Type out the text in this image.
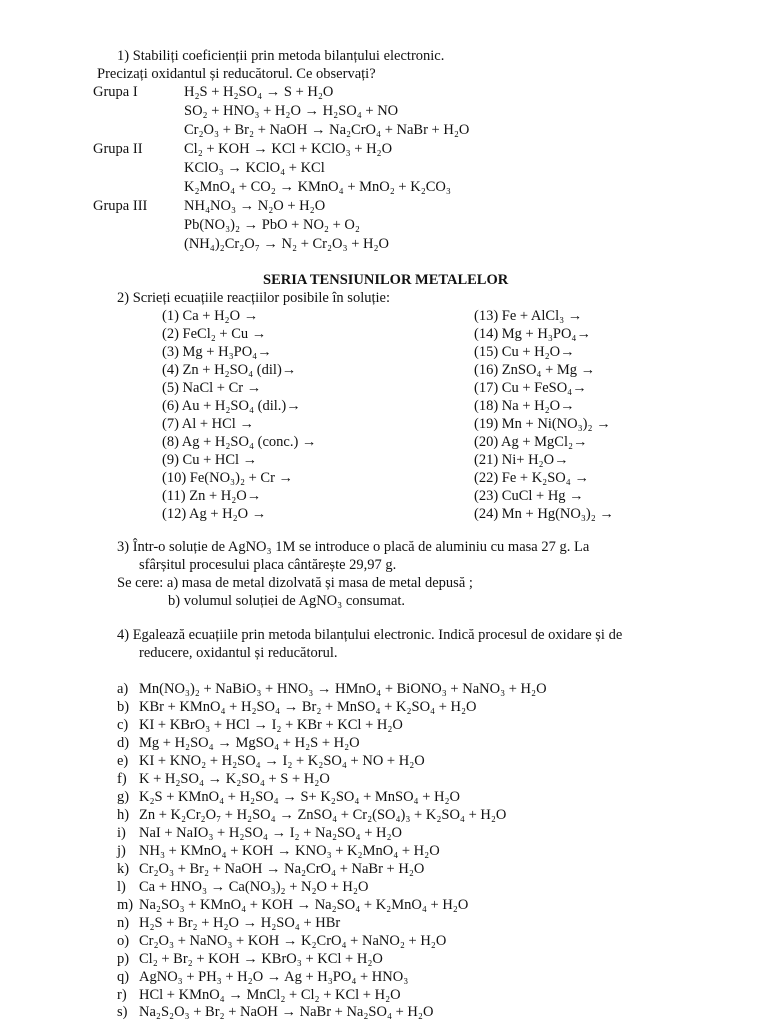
1) Stabiliți coeficienții prin metoda bilanțului electronic.
Precizați oxidantul și reducătorul. Ce observați?
Grupa I	H₂S + H₂SO₄ → S + H₂O
SO₂ + HNO₃ + H₂O → H₂SO₄ + NO
Cr₂O₃ + Br₂ + NaOH → Na₂CrO₄ + NaBr + H₂O
Grupa II	Cl₂ + KOH → KCl + KClO₃ + H₂O
KClO₃ → KClO₄ + KCl
K₂MnO₄ + CO₂ → KMnO₄ + MnO₂ + K₂CO₃
Grupa III	NH₄NO₃ → N₂O + H₂O
Pb(NO₃)₂ → PbO + NO₂ + O₂
(NH₄)₂Cr₂O₇ → N₂ + Cr₂O₃ + H₂O
SERIA TENSIUNILOR METALELOR
2) Scrieți ecuațiile reacțiilor posibile în soluție:
(1) Ca + H₂O →
(2) FeCl₂ + Cu →
(3) Mg + H₃PO₄→
(4) Zn + H₂SO₄ (dil)→
(5) NaCl + Cr →
(6) Au + H₂SO₄ (dil.)→
(7) Al + HCl →
(8) Ag + H₂SO₄ (conc.) →
(9) Cu + HCl →
(10) Fe(NO₃)₂ + Cr →
(11) Zn + H₂O→
(12) Ag + H₂O →
(13) Fe + AlCl₃ →
(14) Mg + H₃PO₄→
(15) Cu + H₂O→
(16) ZnSO₄ + Mg →
(17) Cu + FeSO₄→
(18) Na + H₂O→
(19) Mn + Ni(NO₃)₂ →
(20) Ag + MgCl₂→
(21) Ni+ H₂O→
(22) Fe + K₂SO₄ →
(23) CuCl + Hg →
(24) Mn + Hg(NO₃)₂ →
3) Într-o soluție de AgNO₃ 1M se introduce o placă de aluminiu cu masa 27 g. La
sfârșitul procesului placa cântărește 29,97 g.
Se cere: a) masa de metal dizolvată și masa de metal depusă ;
b) volumul soluției de AgNO₃ consumat.
4) Egalează ecuațiile prin metoda bilanțului electronic. Indică procesul de oxidare și de
reducere, oxidantul și reducătorul.
a) Mn(NO₃)₂ + NaBiO₃ + HNO₃ → HMnO₄ + BiONO₃ + NaNO₃ + H₂O
b) KBr + KMnO₄ + H₂SO₄ → Br₂ + MnSO₄ + K₂SO₄ + H₂O
c) KI + KBrO₃ + HCl → I₂ + KBr + KCl + H₂O
d) Mg + H₂SO₄ → MgSO₄ + H₂S + H₂O
e) KI + KNO₂ + H₂SO₄ → I₂ + K₂SO₄ + NO + H₂O
f) K + H₂SO₄ → K₂SO₄ + S + H₂O
g) K₂S + KMnO₄ + H₂SO₄ → S+ K₂SO₄ + MnSO₄ + H₂O
h) Zn + K₂Cr₂O₇ + H₂SO₄ → ZnSO₄ + Cr₂(SO₄)₃ + K₂SO₄ + H₂O
i) NaI + NaIO₃ + H₂SO₄ → I₂ + Na₂SO₄ + H₂O
j) NH₃ + KMnO₄ + KOH → KNO₃ + K₂MnO₄ + H₂O
k) Cr₂O₃ + Br₂ + NaOH → Na₂CrO₄ + NaBr + H₂O
l) Ca + HNO₃ → Ca(NO₃)₂ + N₂O + H₂O
m) Na₂SO₃ + KMnO₄ + KOH → Na₂SO₄ + K₂MnO₄ + H₂O
n) H₂S + Br₂ + H₂O → H₂SO₄ + HBr
o) Cr₂O₃ + NaNO₃ + KOH → K₂CrO₄ + NaNO₂ + H₂O
p) Cl₂ + Br₂ + KOH → KBrO₃ + KCl + H₂O
q) AgNO₃ + PH₃ + H₂O → Ag + H₃PO₄ + HNO₃
r) HCl + KMnO₄ → MnCl₂ + Cl₂ + KCl + H₂O
s) Na₂S₂O₃ + Br₂ + NaOH → NaBr + Na₂SO₄ + H₂O
